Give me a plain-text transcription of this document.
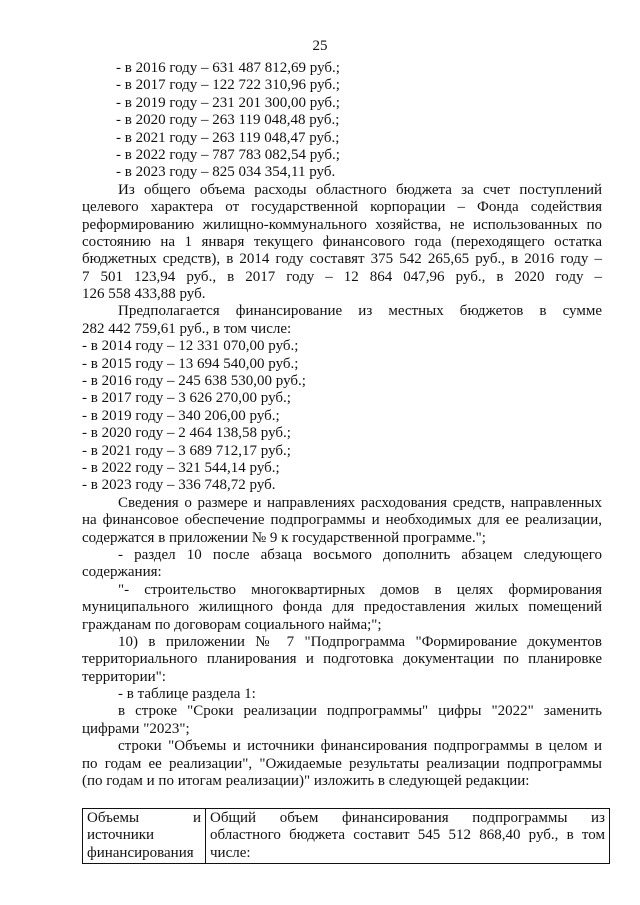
25
- в 2016 году – 631 487 812,69 руб.;
- в 2017 году – 122 722 310,96 руб.;
- в 2019 году – 231 201 300,00 руб.;
- в 2020 году – 263 119 048,48 руб.;
- в 2021 году – 263 119 048,47 руб.;
- в 2022 году – 787 783 082,54 руб.;
- в 2023 году – 825 034 354,11 руб.
Из общего объема расходы областного бюджета за счет поступлений
целевого характера от государственной корпорации – Фонда содействия
реформированию жилищно-коммунального хозяйства, не использованных по
состоянию на 1 января текущего финансового года (переходящего остатка
бюджетных средств), в 2014 году составят 375 542 265,65 руб., в 2016 году –
7 501 123,94 руб., в 2017 году – 12 864 047,96 руб., в 2020 году –
126 558 433,88 руб.
Предполагается финансирование из местных бюджетов в сумме
282 442 759,61 руб., в том числе:
- в 2014 году – 12 331 070,00 руб.;
- в 2015 году – 13 694 540,00 руб.;
- в 2016 году – 245 638 530,00 руб.;
- в 2017 году – 3 626 270,00 руб.;
- в 2019 году – 340 206,00 руб.;
- в 2020 году – 2 464 138,58 руб.;
- в 2021 году – 3 689 712,17 руб.;
- в 2022 году – 321 544,14 руб.;
- в 2023 году – 336 748,72 руб.
Сведения о размере и направлениях расходования средств, направленных
на финансовое обеспечение подпрограммы и необходимых для ее реализации,
содержатся в приложении № 9 к государственной программе.";
- раздел 10 после абзаца восьмого дополнить абзацем следующего
содержания:
"- строительство многоквартирных домов в целях формирования
муниципального жилищного фонда для предоставления жилых помещений
гражданам по договорам социального найма;";
10) в приложении № 7 "Подпрограмма "Формирование документов
территориального планирования и подготовка документации по планировке
территории":
- в таблице раздела 1:
в строке "Сроки реализации подпрограммы" цифры "2022" заменить
цифрами "2023";
строки "Объемы и источники финансирования подпрограммы в целом и
по годам ее реализации", "Ожидаемые результаты реализации подпрограммы
(по годам и по итогам реализации)" изложить в следующей редакции:
Объемы и
источники
финансирования

Общий объем финансирования подпрограммы из
областного бюджета составит 545 512 868,40 руб., в том
числе:
